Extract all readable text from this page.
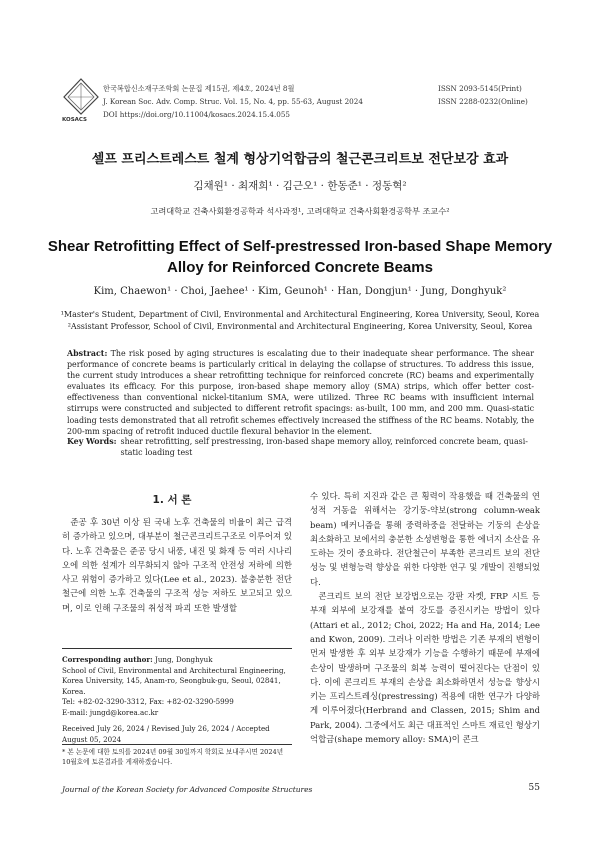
KOSACS
한국복합신소재구조학회 논문집 제15권, 제4호, 2024년 8월
J. Korean Soc. Adv. Comp. Struc. Vol. 15, No. 4, pp. 55-63, August 2024
DOI https://doi.org/10.11004/kosacs.2024.15.4.055
ISSN 2093-5145(Print)
ISSN 2288-0232(Online)
셀프 프리스트레스트 철계 형상기억합금의 철근콘크리트보 전단보강 효과
김채원¹ · 최재희¹ · 김근오¹ · 한동준¹ · 정동혁²
고려대학교 건축사회환경공학과 석사과정¹, 고려대학교 건축사회환경공학부 조교수²
Shear Retrofitting Effect of Self-prestressed Iron-based Shape Memory
Alloy for Reinforced Concrete Beams
Kim, Chaewon¹ · Choi, Jaehee¹ · Kim, Geunoh¹ · Han, Dongjun¹ · Jung, Donghyuk²
¹Master's Student, Department of Civil, Environmental and Architectural Engineering, Korea University, Seoul, Korea
²Assistant Professor, School of Civil, Environmental and Architectural Engineering, Korea University, Seoul, Korea
Abstract: The risk posed by aging structures is escalating due to their inadequate shear performance. The shear performance of concrete beams is particularly critical in delaying the collapse of structures. To address this issue, the current study introduces a shear retrofitting technique for reinforced concrete (RC) beams and experimentally evaluates its efficacy. For this purpose, iron-based shape memory alloy (SMA) strips, which offer better cost-effectiveness than conventional nickel-titanium SMA, were utilized. Three RC beams with insufficient internal stirrups were constructed and subjected to different retrofit spacings: as-built, 100 mm, and 200 mm. Quasi-static loading tests demonstrated that all retrofit schemes effectively increased the stiffness of the RC beams. Notably, the 200-mm spacing of retrofit induced ductile flexural behavior in the element.
Key Words: shear retrofitting, self prestressing, iron-based shape memory alloy, reinforced concrete beam, quasi-static loading test
1. 서 론

준공 후 30년 이상 된 국내 노후 건축물의 비율이 최근 급격히 증가하고 있으며, 대부분이 철근콘크리트구조로 이루어져 있다. 노후 건축물은 준공 당시 내풍, 내진 및 화재 등 여러 시나리오에 의한 설계가 의무화되지 않아 구조적 안전성 저하에 의한 사고 위험이 증가하고 있다(Lee et al., 2023). 불충분한 전단철근에 의한 노후 건축물의 구조적 성능 저하도 보고되고 있으며, 이로 인해 구조물의 취성적 파괴 또한 발생할

수 있다. 특히 지진과 같은 큰 횡력이 작용했을 때 건축물의 연성적 거동을 위해서는 강기둥-약보(strong column-weak beam) 메커니즘을 통해 중력하중을 전달하는 기둥의 손상을 최소화하고 보에서의 충분한 소성변형을 통한 에너지 소산을 유도하는 것이 중요하다. 전단철근이 부족한 콘크리트 보의 전단 성능 및 변형능력 향상을 위한 다양한 연구 및 개발이 진행되었다.

콘크리트 보의 전단 보강법으로는 강판 자켓, FRP 시트 등 부재 외부에 보강재를 붙여 강도를 증진시키는 방법이 있다(Attari et al., 2012; Choi, 2022; Ha and Ha, 2014; Lee and Kwon, 2009). 그러나 이러한 방법은 기존 부재의 변형이 먼저 발생한 후 외부 보강재가 기능을 수행하기 때문에 부재에 손상이 발생하며 구조물의 회복 능력이 떨어진다는 단점이 있다. 이에 콘크리트 부재의 손상을 최소화하면서 성능을 향상시키는 프리스트레싱(prestressing) 적용에 대한 연구가 다양하게 이루어졌다(Herbrand and Classen, 2015; Shim and Park, 2004). 그중에서도 최근 대표적인 스마트 재료인 형상기억합금(shape memory alloy: SMA)이 콘크

Corresponding author: Jung, Donghyuk
School of Civil, Environmental and Architectural Engineering, Korea University, 145, Anam-ro, Seongbuk-gu, Seoul, 02841, Korea.
Tel: +82-02-3290-3312, Fax: +82-02-3290-5999
E-mail: jungd@korea.ac.kr
Received July 26, 2024 / Revised July 26, 2024 / Accepted August 05, 2024
* 본 논문에 대한 토의를 2024년 09월 30일까지 학회로 보내주시면 2024년 10월호에 토론결과를 게재하겠습니다.
Journal of the Korean Society for Advanced Composite Structures	55
